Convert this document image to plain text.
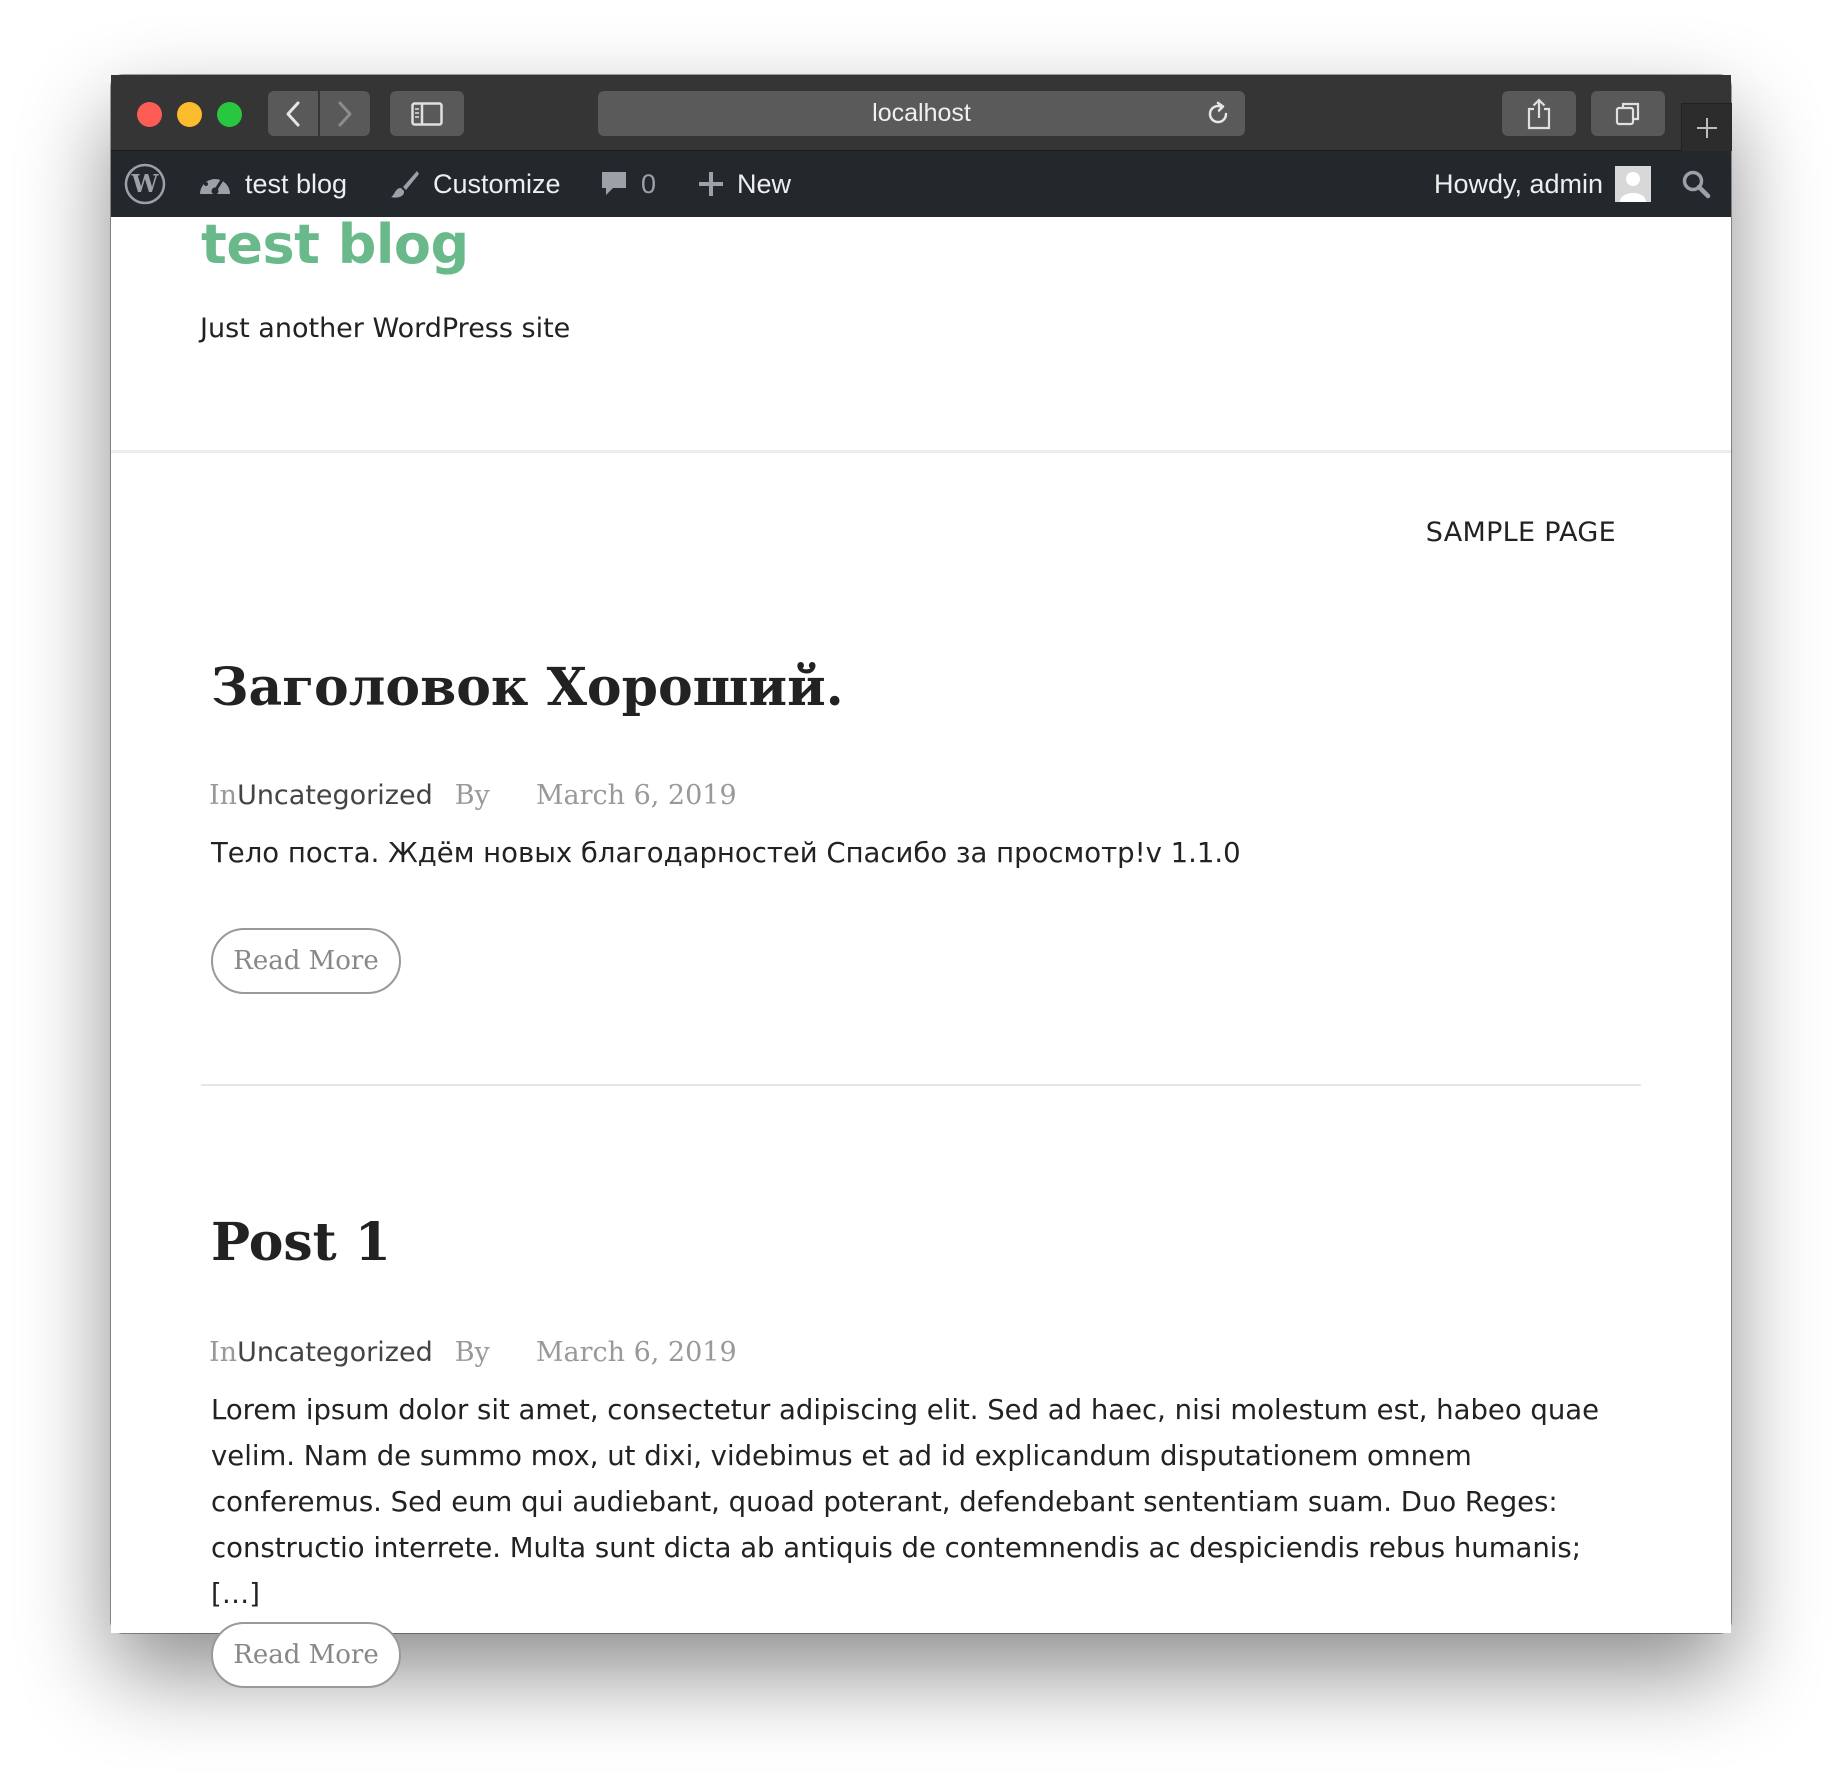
localhost
W	test blog	Customize	0	New	Howdy, admin
test blog
Just another WordPress site
SAMPLE PAGE
Заголовок Хороший.
InUncategorized By March 6, 2019

Тело поста. Ждём новых благодарностей Спасибо за просмотр!v 1.1.0

Read More
Post 1
InUncategorized By March 6, 2019

Lorem ipsum dolor sit amet, consectetur adipiscing elit. Sed ad haec, nisi molestum est, habeo quae velim. Nam de summo mox, ut dixi, videbimus et ad id explicandum disputationem omnem conferemus. Sed eum qui audiebant, quoad poterant, defendebant sententiam suam. Duo Reges: constructio interrete. Multa sunt dicta ab antiquis de contemnendis ac despiciendis rebus humanis; […]

Read More
